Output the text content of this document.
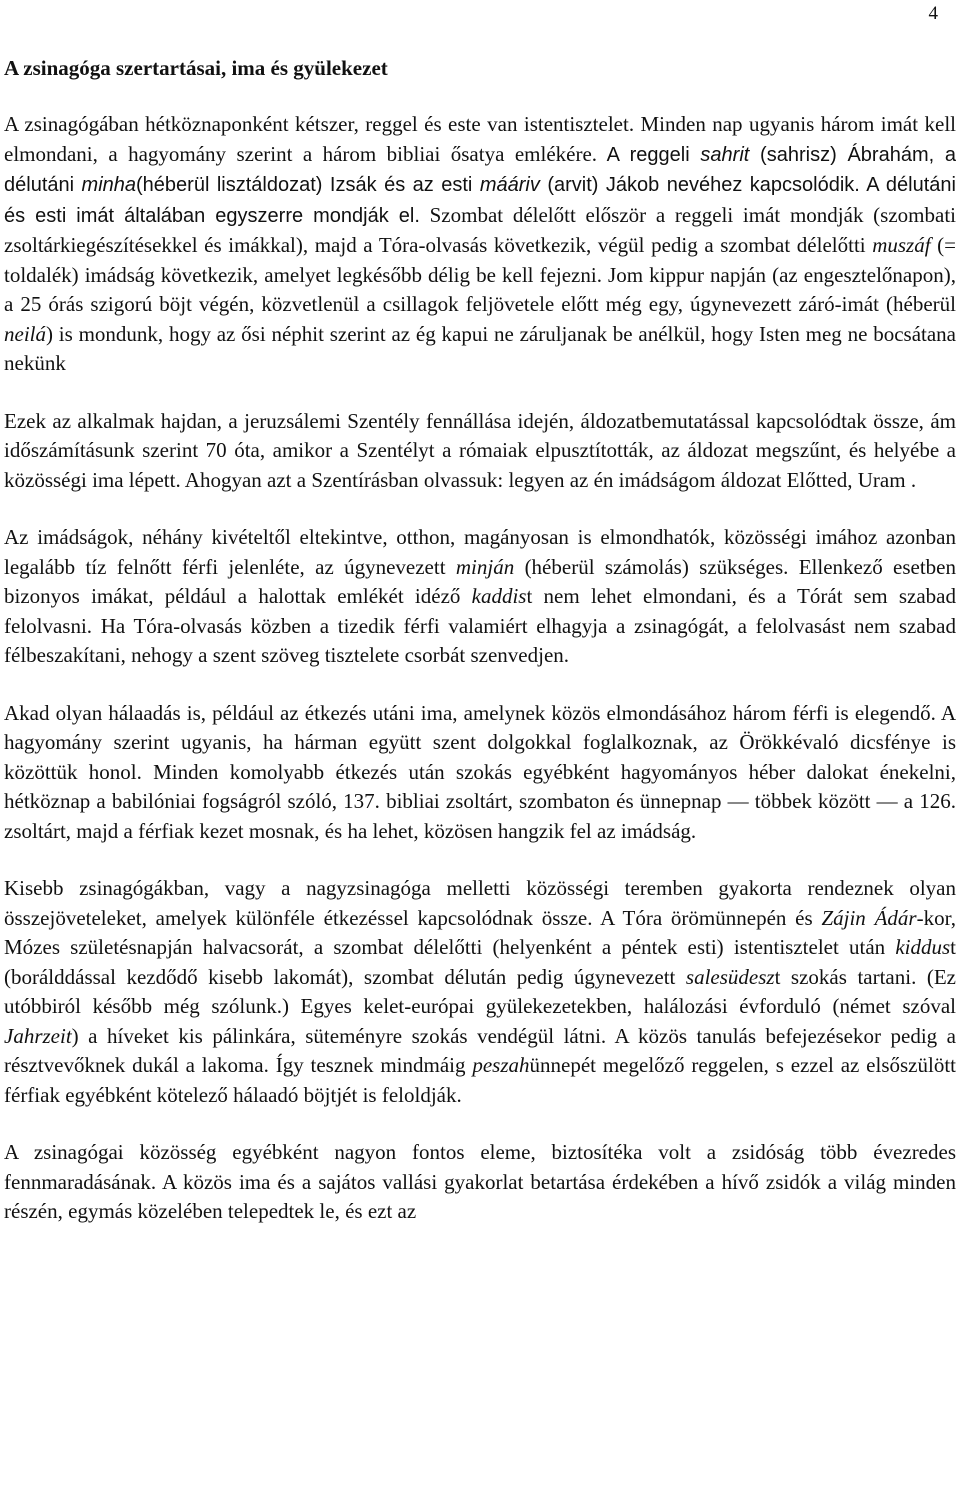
4
A zsinagóga szertartásai, ima és gyülekezet

A zsinagógában hétköznaponként kétszer, reggel és este van istentisztelet. Minden nap ugyanis három imát kell elmondani, a hagyomány szerint a három bibliai ősatya emlékére. A reggeli sahrit (sahrisz) Ábrahám, a délutáni minha(héberül lisztáldozat) Izsák és az esti mááriv (arvit) Jákob nevéhez kapcsolódik. A délutáni és esti imát általában egyszerre mondják el. Szombat délelőtt először a reggeli imát mondják (szombati zsoltárkiegészítésekkel és imákkal), majd a Tóra-olvasás következik, végül pedig a szombat délelőtti muszáf (= toldalék) imádság következik, amelyet legkésőbb délig be kell fejezni. Jom kippur napján (az engesztelőnapon), a 25 órás szigorú böjt végén, közvetlenül a csillagok feljövetele előtt még egy, úgynevezett záró-imát (héberül neilá) is mondunk, hogy az ősi néphit szerint az ég kapui ne záruljanak be anélkül, hogy Isten meg ne bocsátana nekünk

Ezek az alkalmak hajdan, a jeruzsálemi Szentély fennállása idején, áldozatbemutatással kapcsolódtak össze, ám időszámításunk szerint 70 óta, amikor a Szentélyt a rómaiak elpusztították, az áldozat megszűnt, és helyébe a közösségi ima lépett. Ahogyan azt a Szentírásban olvassuk: legyen az én imádságom áldozat Előtted, Uram .

Az imádságok, néhány kivételtől eltekintve, otthon, magányosan is elmondhatók, közösségi imához azonban legalább tíz felnőtt férfi jelenléte, az úgynevezett minján (héberül számolás) szükséges. Ellenkező esetben bizonyos imákat, például a halottak emlékét idéző kaddist nem lehet elmondani, és a Tórát sem szabad felolvasni. Ha Tóra-olvasás közben a tizedik férfi valamiért elhagyja a zsinagógát, a felolvasást nem szabad félbeszakítani, nehogy a szent szöveg tisztelete csorbát szenvedjen.

Akad olyan hálaadás is, például az étkezés utáni ima, amelynek közös elmondásához három férfi is elegendő. A hagyomány szerint ugyanis, ha hárman együtt szent dolgokkal foglalkoznak, az Örökkévaló dicsfénye is közöttük honol. Minden komolyabb étkezés után szokás egyébként hagyományos héber dalokat énekelni, hétköznap a babilóniai fogságról szóló, 137. bibliai zsoltárt, szombaton és ünnepnap — többek között — a 126. zsoltárt, majd a férfiak kezet mosnak, és ha lehet, közösen hangzik fel az imádság.

Kisebb zsinagógákban, vagy a nagyzsinagóga melletti közösségi teremben gyakorta rendeznek olyan összejöveteleket, amelyek különféle étkezéssel kapcsolódnak össze. A Tóra örömünnepén és Zájin Ádár-kor, Mózes születésnapján halvacsorát, a szombat délelőtti (helyenként a péntek esti) istentisztelet után kiddust (borálddással kezdődő kisebb lakomát), szombat délután pedig úgynevezett salesüdeszt szokás tartani. (Ez utóbbiról később még szólunk.) Egyes kelet-európai gyülekezetekben, halálozási évforduló (német szóval Jahrzeit) a híveket kis pálinkára, süteményre szokás vendégül látni. A közös tanulás befejezésekor pedig a résztvevőknek dukál a lakoma. Így tesznek mindmáig peszahünnepét megelőző reggelen, s ezzel az elsőszülött férfiak egyébként kötelező hálaadó böjtjét is feloldják.

A zsinagógai közösség egyébként nagyon fontos eleme, biztosítéka volt a zsidóság több évezredes fennmaradásának. A közös ima és a sajátos vallási gyakorlat betartása érdekében a hívő zsidók a világ minden részén, egymás közelében telepedtek le, és ezt az
